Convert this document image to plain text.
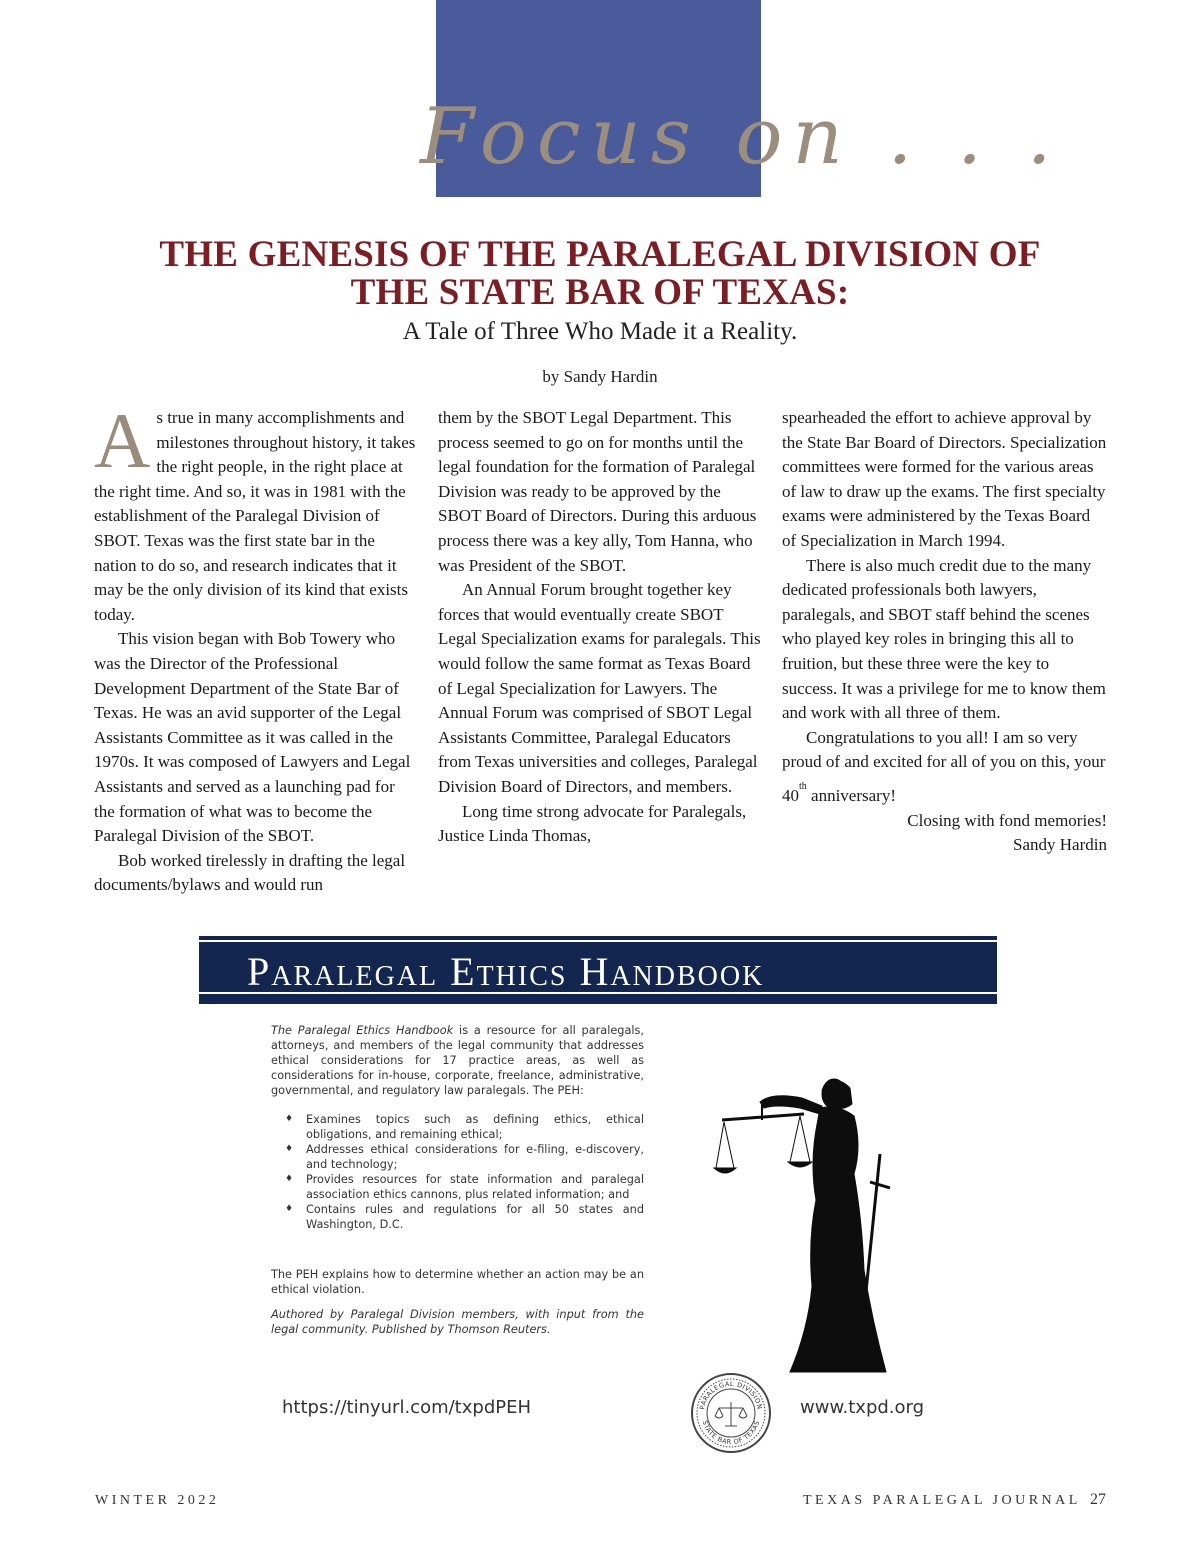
Focus on . . .
THE GENESIS OF THE PARALEGAL DIVISION OF
THE STATE BAR OF TEXAS:
A Tale of Three Who Made it a Reality.
by Sandy Hardin

As true in many accomplishments and milestones throughout history, it takes the right people, in the right place at the right time. And so, it was in 1981 with the establishment of the Paralegal Division of SBOT. Texas was the first state bar in the nation to do so, and research indicates that it may be the only division of its kind that exists today.

This vision began with Bob Towery who was the Director of the Professional Development Department of the State Bar of Texas. He was an avid supporter of the Legal Assistants Committee as it was called in the 1970s. It was composed of Lawyers and Legal Assistants and served as a launching pad for the formation of what was to become the Paralegal Division of the SBOT.

Bob worked tirelessly in drafting the legal documents/bylaws and would run

them by the SBOT Legal Department. This process seemed to go on for months until the legal foundation for the formation of Paralegal Division was ready to be approved by the SBOT Board of Directors. During this arduous process there was a key ally, Tom Hanna, who was President of the SBOT.

An Annual Forum brought together key forces that would eventually create SBOT Legal Specialization exams for paralegals. This would follow the same format as Texas Board of Legal Specialization for Lawyers. The Annual Forum was comprised of SBOT Legal Assistants Committee, Paralegal Educators from Texas universities and colleges, Paralegal Division Board of Directors, and members.

Long time strong advocate for Paralegals, Justice Linda Thomas,

spearheaded the effort to achieve approval by the State Bar Board of Directors. Specialization committees were formed for the various areas of law to draw up the exams. The first specialty exams were administered by the Texas Board of Specialization in March 1994.

There is also much credit due to the many dedicated professionals both lawyers, paralegals, and SBOT staff behind the scenes who played key roles in bringing this all to fruition, but these three were the key to success. It was a privilege for me to know them and work with all three of them.

Congratulations to you all! I am so very proud of and excited for all of you on this, your 40th anniversary!

Closing with fond memories!

Sandy Hardin

Paralegal Ethics Handbook

The Paralegal Ethics Handbook is a resource for all paralegals, attorneys, and members of the legal community that addresses ethical considerations for 17 practice areas, as well as considerations for in-house, corporate, freelance, administrative, governmental, and regulatory law paralegals. The PEH:

♦ Examines topics such as defining ethics, ethical obligations, and remaining ethical;
♦ Addresses ethical considerations for e-filing, e-discovery, and technology;
♦ Provides resources for state information and paralegal association ethics cannons, plus related information; and
♦ Contains rules and regulations for all 50 states and Washington, D.C.

The PEH explains how to determine whether an action may be an ethical violation.

Authored by Paralegal Division members, with input from the legal community. Published by Thomson Reuters.

https://tinyurl.com/txpdPEH	PARALEGAL DIVISION
STATE BAR OF TEXAS
www.txpd.org
WINTER 2022	TEXAS PARALEGAL JOURNAL 27
